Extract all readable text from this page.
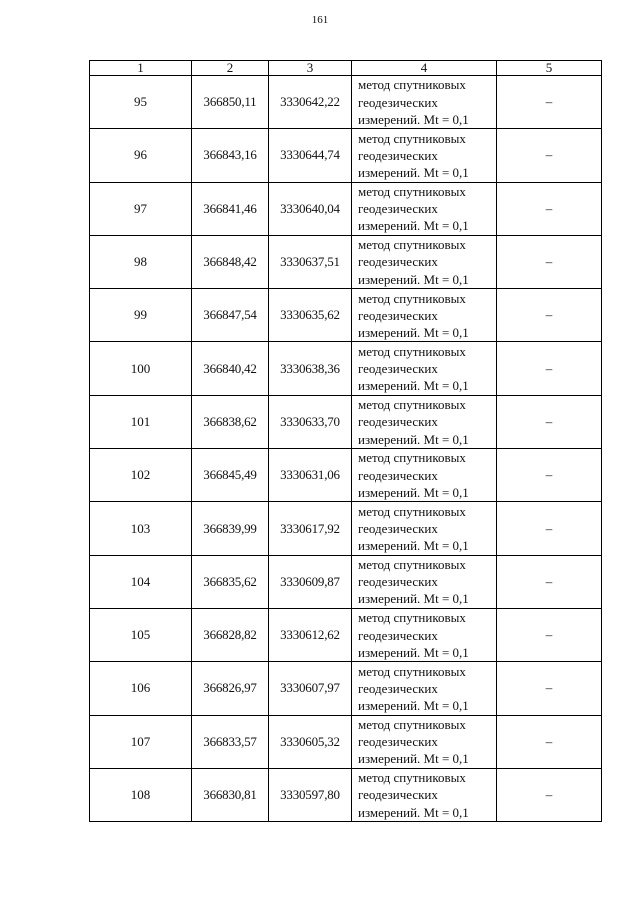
161
1	2	3	4	5
95	366850,11	3330642,22	метод спутниковых
геодезических
измерений. Mt = 0,1	–
96	366843,16	3330644,74	метод спутниковых
геодезических
измерений. Mt = 0,1	–
97	366841,46	3330640,04	метод спутниковых
геодезических
измерений. Mt = 0,1	–
98	366848,42	3330637,51	метод спутниковых
геодезических
измерений. Mt = 0,1	–
99	366847,54	3330635,62	метод спутниковых
геодезических
измерений. Mt = 0,1	–
100	366840,42	3330638,36	метод спутниковых
геодезических
измерений. Mt = 0,1	–
101	366838,62	3330633,70	метод спутниковых
геодезических
измерений. Mt = 0,1	–
102	366845,49	3330631,06	метод спутниковых
геодезических
измерений. Mt = 0,1	–
103	366839,99	3330617,92	метод спутниковых
геодезических
измерений. Mt = 0,1	–
104	366835,62	3330609,87	метод спутниковых
геодезических
измерений. Mt = 0,1	–
105	366828,82	3330612,62	метод спутниковых
геодезических
измерений. Mt = 0,1	–
106	366826,97	3330607,97	метод спутниковых
геодезических
измерений. Mt = 0,1	–
107	366833,57	3330605,32	метод спутниковых
геодезических
измерений. Mt = 0,1	–
108	366830,81	3330597,80	метод спутниковых
геодезических
измерений. Mt = 0,1	–
